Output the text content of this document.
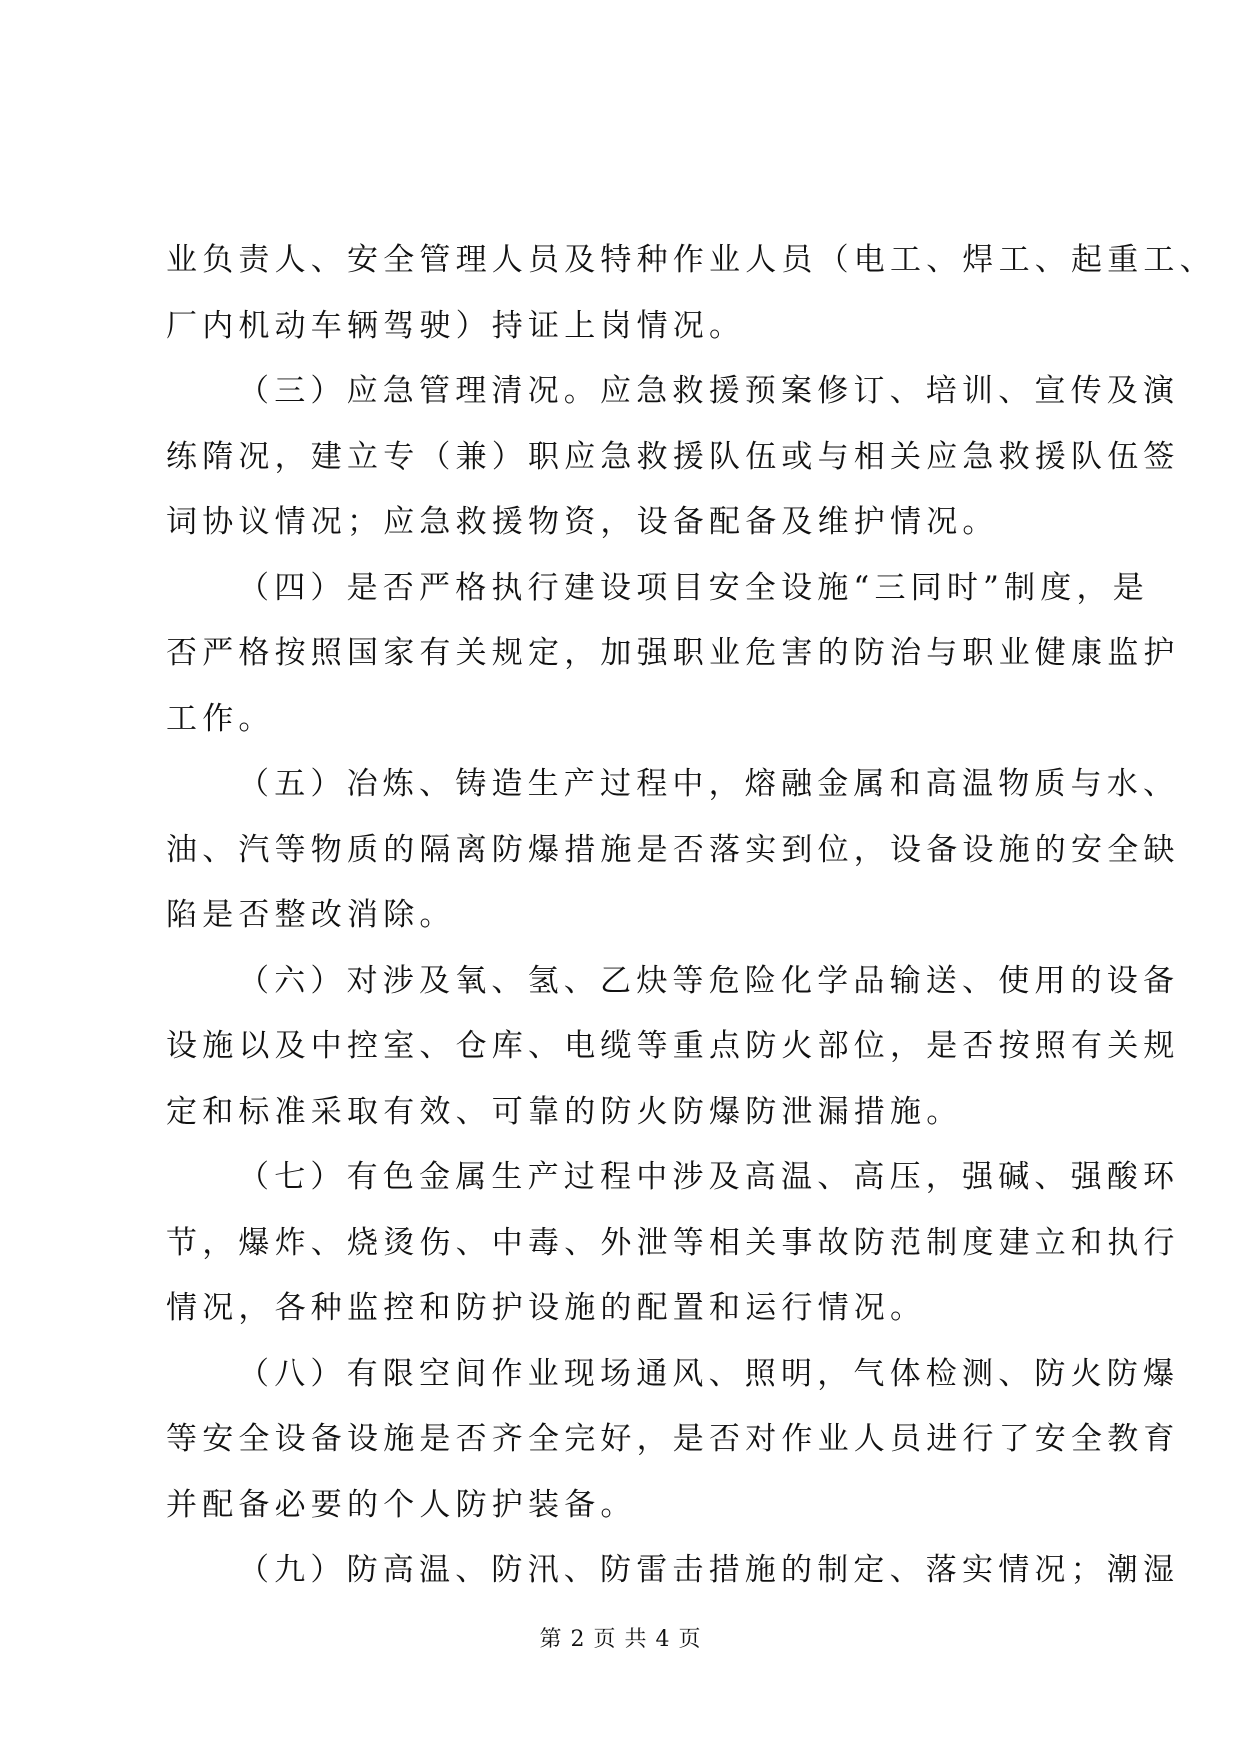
业负责人、安全管理人员及特种作业人员（电工、焊工、起重工、
厂内机动车辆驾驶）持证上岗情况。

（三）应急管理清况。应急救援预案修订、培训、宣传及演
练隋况，建立专（兼）职应急救援队伍或与相关应急救援队伍签
词协议情况；应急救援物资，设备配备及维护情况。

（四）是否严格执行建设项目安全设施“三同时”制度，是
否严格按照国家有关规定，加强职业危害的防治与职业健康监护
工作。

（五）冶炼、铸造生产过程中，熔融金属和高温物质与水、
油、汽等物质的隔离防爆措施是否落实到位，设备设施的安全缺
陷是否整改消除。

（六）对涉及氧、氢、乙炔等危险化学品输送、使用的设备
设施以及中控室、仓库、电缆等重点防火部位，是否按照有关规
定和标准采取有效、可靠的防火防爆防泄漏措施。

（七）有色金属生产过程中涉及高温、高压，强碱、强酸环
节，爆炸、烧烫伤、中毒、外泄等相关事故防范制度建立和执行
情况，各种监控和防护设施的配置和运行情况。

（八）有限空间作业现场通风、照明，气体检测、防火防爆
等安全设备设施是否齐全完好，是否对作业人员进行了安全教育
并配备必要的个人防护装备。

（九）防高温、防汛、防雷击措施的制定、落实情况；潮湿

第 2 页 共 4 页
